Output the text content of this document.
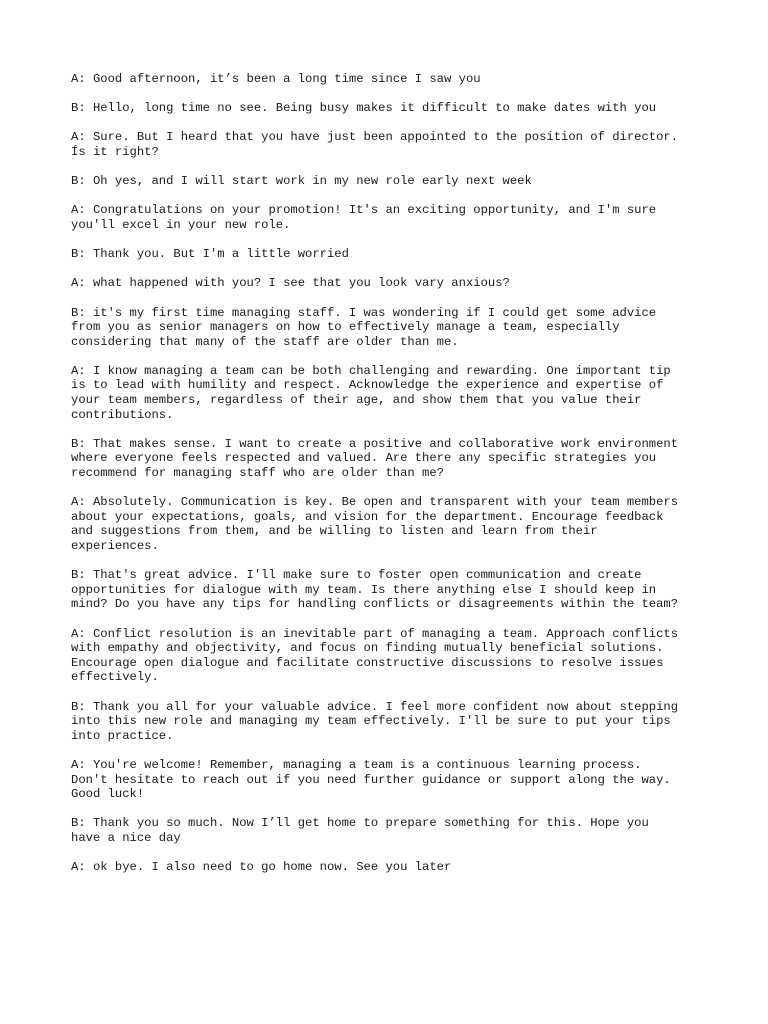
A: Good afternoon, it’s been a long time since I saw you

B: Hello, long time no see. Being busy makes it difficult to make dates with you

A: Sure. But I heard that you have just been appointed to the position of director.
Ís it right?

B: Oh yes, and I will start work in my new role early next week

A: Congratulations on your promotion! It's an exciting opportunity, and I'm sure
you'll excel in your new role.

B: Thank you. But I'm a little worried

A: what happened with you? I see that you look vary anxious?

B: it's my first time managing staff. I was wondering if I could get some advice
from you as senior managers on how to effectively manage a team, especially
considering that many of the staff are older than me.

A: I know managing a team can be both challenging and rewarding. One important tip
is to lead with humility and respect. Acknowledge the experience and expertise of
your team members, regardless of their age, and show them that you value their
contributions.

B: That makes sense. I want to create a positive and collaborative work environment
where everyone feels respected and valued. Are there any specific strategies you
recommend for managing staff who are older than me?

A: Absolutely. Communication is key. Be open and transparent with your team members
about your expectations, goals, and vision for the department. Encourage feedback
and suggestions from them, and be willing to listen and learn from their
experiences.

B: That's great advice. I'll make sure to foster open communication and create
opportunities for dialogue with my team. Is there anything else I should keep in
mind? Do you have any tips for handling conflicts or disagreements within the team?

A: Conflict resolution is an inevitable part of managing a team. Approach conflicts
with empathy and objectivity, and focus on finding mutually beneficial solutions.
Encourage open dialogue and facilitate constructive discussions to resolve issues
effectively.

B: Thank you all for your valuable advice. I feel more confident now about stepping
into this new role and managing my team effectively. I'll be sure to put your tips
into practice.

A: You're welcome! Remember, managing a team is a continuous learning process.
Don't hesitate to reach out if you need further guidance or support along the way.
Good luck!

B: Thank you so much. Now I’ll get home to prepare something for this. Hope you
have a nice day

A: ok bye. I also need to go home now. See you later
